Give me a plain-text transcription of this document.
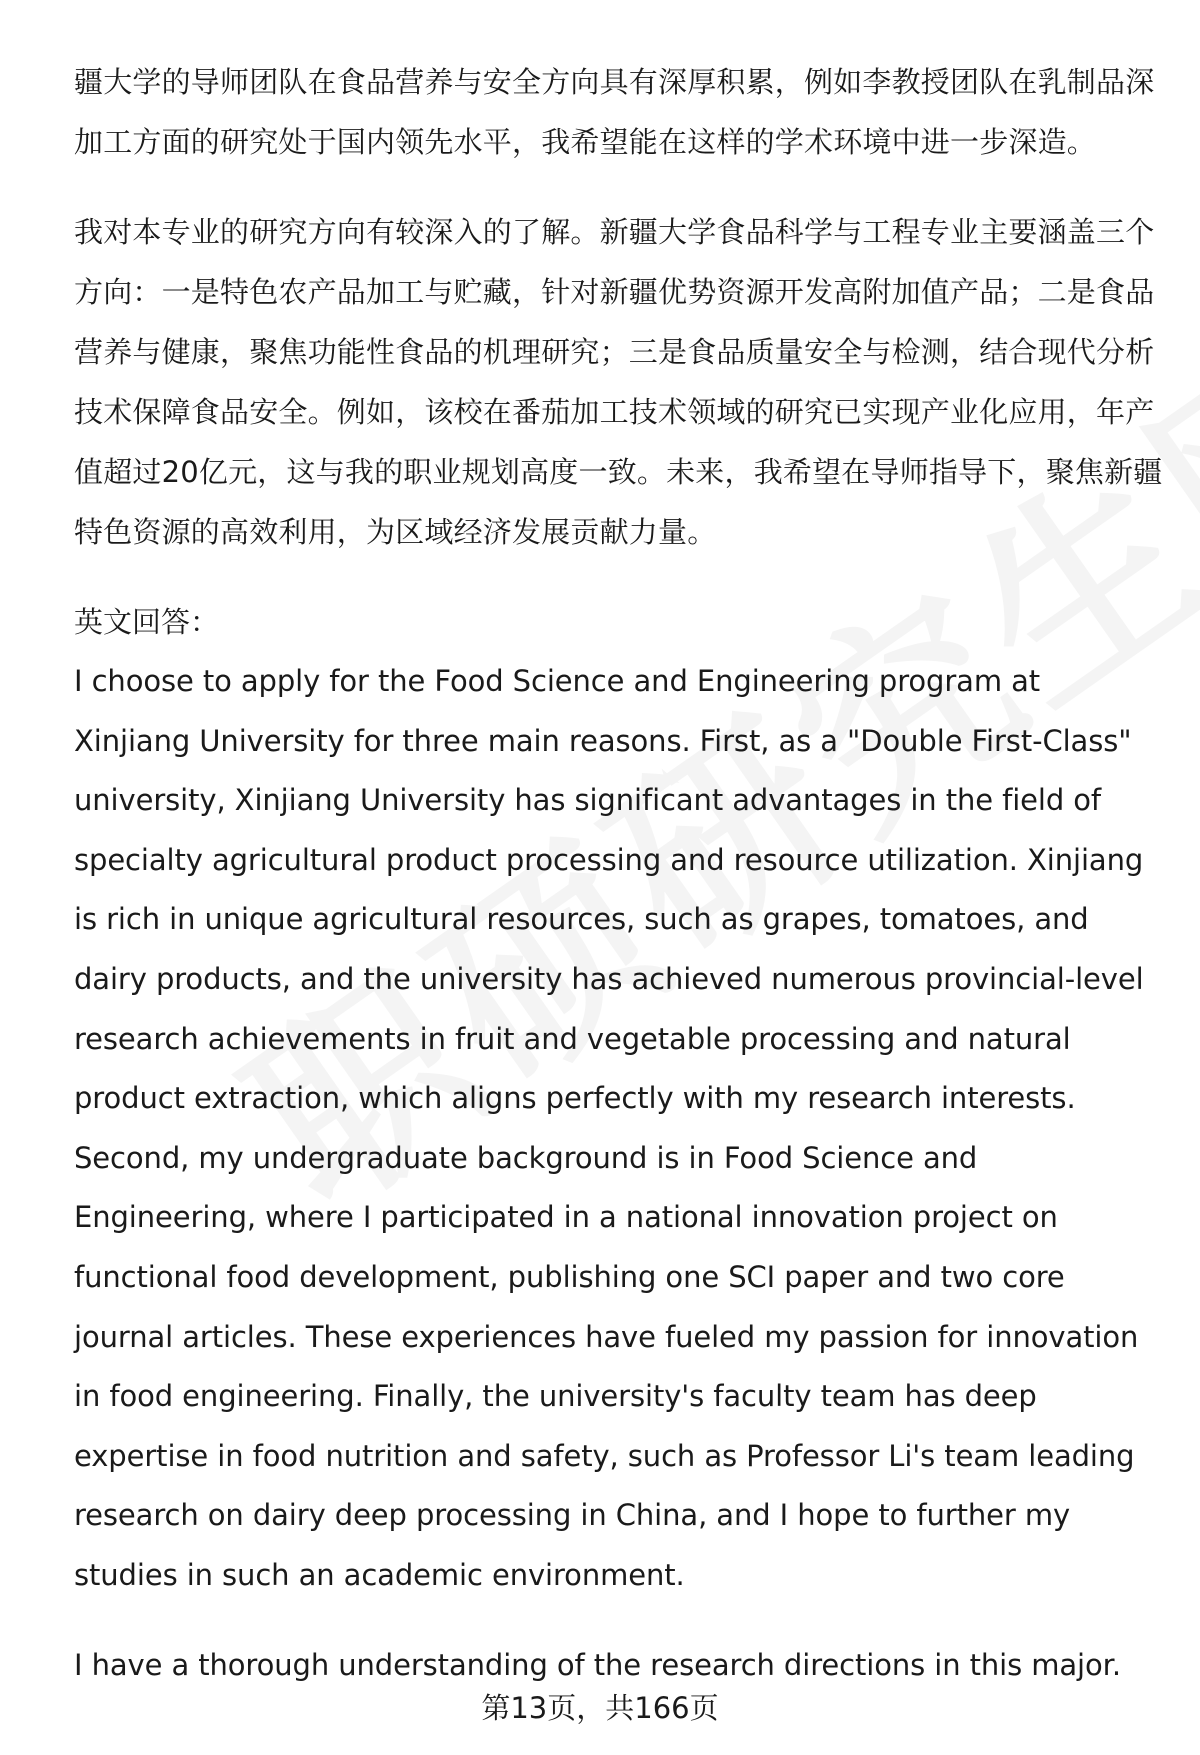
疆大学的导师团队在食品营养与安全方向具有深厚积累，例如李教授团队在乳制品深加工方面的研究处于国内领先水平，我希望能在这样的学术环境中进一步深造。

我对本专业的研究方向有较深入的了解。新疆大学食品科学与工程专业主要涵盖三个方向：一是特色农产品加工与贮藏，针对新疆优势资源开发高附加值产品；二是食品营养与健康，聚焦功能性食品的机理研究；三是食品质量安全与检测，结合现代分析技术保障食品安全。例如，该校在番茄加工技术领域的研究已实现产业化应用，年产值超过20亿元，这与我的职业规划高度一致。未来，我希望在导师指导下，聚焦新疆特色资源的高效利用，为区域经济发展贡献力量。

英文回答：

I choose to apply for the Food Science and Engineering program at Xinjiang University for three main reasons. First, as a "Double First-Class" university, Xinjiang University has significant advantages in the field of specialty agricultural product processing and resource utilization. Xinjiang is rich in unique agricultural resources, such as grapes, tomatoes, and dairy products, and the university has achieved numerous provincial-level research achievements in fruit and vegetable processing and natural product extraction, which aligns perfectly with my research interests. Second, my undergraduate background is in Food Science and Engineering, where I participated in a national innovation project on functional food development, publishing one SCI paper and two core journal articles. These experiences have fueled my passion for innovation in food engineering. Finally, the university's faculty team has deep expertise in food nutrition and safety, such as Professor Li's team leading research on dairy deep processing in China, and I hope to further my studies in such an academic environment.

I have a thorough understanding of the research directions in this major.

第13页，共166页
